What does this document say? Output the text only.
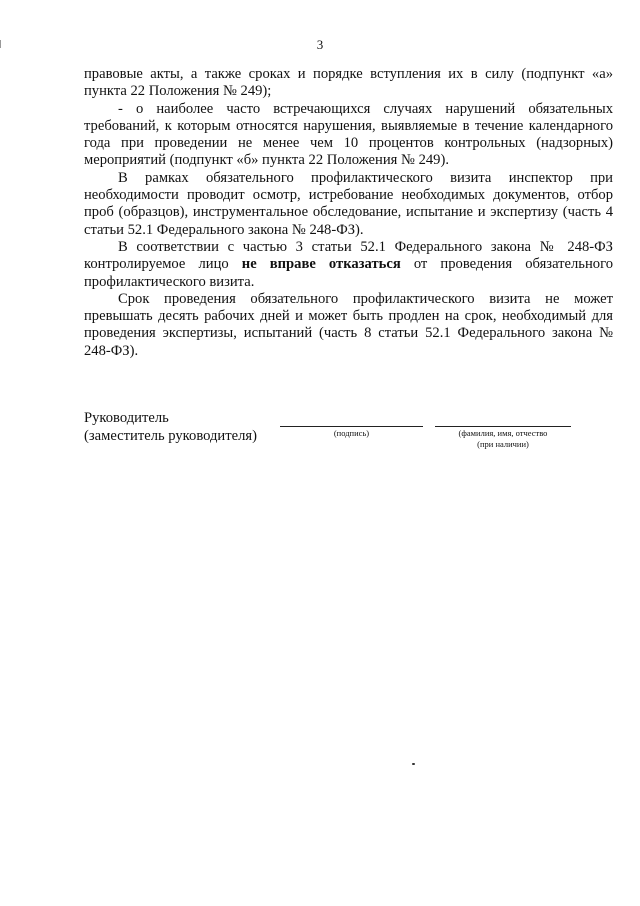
3

правовые акты, а также сроках и порядке вступления их в силу (подпункт «а» пункта 22 Положения № 249);

- о наиболее часто встречающихся случаях нарушений обязательных требований, к которым относятся нарушения, выявляемые в течение календарного года при проведении не менее чем 10 процентов контрольных (надзорных) мероприятий (подпункт «б» пункта 22 Положения № 249).

В рамках обязательного профилактического визита инспектор при необходимости проводит осмотр, истребование необходимых документов, отбор проб (образцов), инструментальное обследование, испытание и экспертизу (часть 4 статьи 52.1 Федерального закона № 248-ФЗ).

В соответствии с частью 3 статьи 52.1 Федерального закона № 248-ФЗ контролируемое лицо не вправе отказаться от проведения обязательного профилактического визита.

Срок проведения обязательного профилактического визита не может превышать десять рабочих дней и может быть продлен на срок, необходимый для проведения экспертизы, испытаний (часть 8 статьи 52.1 Федерального закона № 248-ФЗ).

Руководитель
(заместитель руководителя)	(подпись)	(фамилия, имя, отчество
(при наличии)
